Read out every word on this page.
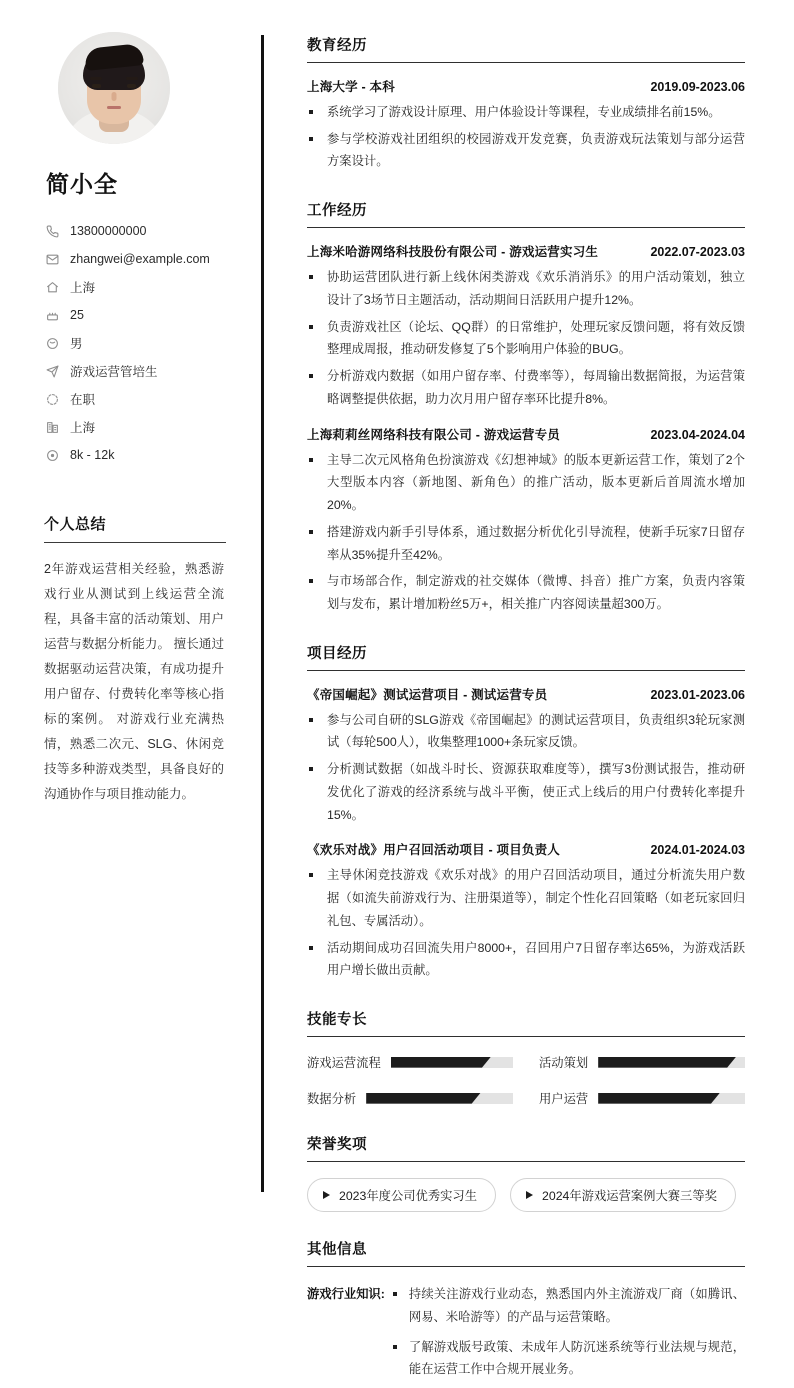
简小全
13800000000
zhangwei@example.com
上海
25
男
游戏运营管培生
在职
上海
8k - 12k
个人总结
2年游戏运营相关经验，熟悉游戏行业从测试到上线运营全流程，具备丰富的活动策划、用户运营与数据分析能力。 擅长通过数据驱动运营决策，有成功提升用户留存、付费转化率等核心指标的案例。 对游戏行业充满热情，熟悉二次元、SLG、休闲竞技等多种游戏类型，具备良好的沟通协作与项目推动能力。
教育经历
上海大学 - 本科	2019.09-2023.06
系统学习了游戏设计原理、用户体验设计等课程，专业成绩排名前15%。
参与学校游戏社团组织的校园游戏开发竞赛，负责游戏玩法策划与部分运营方案设计。
工作经历
上海米哈游网络科技股份有限公司 - 游戏运营实习生	2022.07-2023.03
协助运营团队进行新上线休闲类游戏《欢乐消消乐》的用户活动策划，独立设计了3场节日主题活动，活动期间日活跃用户提升12%。
负责游戏社区（论坛、QQ群）的日常维护，处理玩家反馈问题，将有效反馈整理成周报，推动研发修复了5个影响用户体验的BUG。
分析游戏内数据（如用户留存率、付费率等），每周输出数据简报，为运营策略调整提供依据，助力次月用户留存率环比提升8%。
上海莉莉丝网络科技有限公司 - 游戏运营专员	2023.04-2024.04
主导二次元风格角色扮演游戏《幻想神域》的版本更新运营工作，策划了2个大型版本内容（新地图、新角色）的推广活动，版本更新后首周流水增加20%。
搭建游戏内新手引导体系，通过数据分析优化引导流程，使新手玩家7日留存率从35%提升至42%。
与市场部合作，制定游戏的社交媒体（微博、抖音）推广方案，负责内容策划与发布，累计增加粉丝5万+，相关推广内容阅读量超300万。
项目经历
《帝国崛起》测试运营项目 - 测试运营专员	2023.01-2023.06
参与公司自研的SLG游戏《帝国崛起》的测试运营项目，负责组织3轮玩家测试（每轮500人），收集整理1000+条玩家反馈。
分析测试数据（如战斗时长、资源获取难度等），撰写3份测试报告，推动研发优化了游戏的经济系统与战斗平衡，使正式上线后的用户付费转化率提升15%。
《欢乐对战》用户召回活动项目 - 项目负责人	2024.01-2024.03
主导休闲竞技游戏《欢乐对战》的用户召回活动项目，通过分析流失用户数据（如流失前游戏行为、注册渠道等），制定个性化召回策略（如老玩家回归礼包、专属活动）。
活动期间成功召回流失用户8000+，召回用户7日留存率达65%，为游戏活跃用户增长做出贡献。
技能专长
游戏运营流程	活动策划
数据分析	用户运营
荣誉奖项
2023年度公司优秀实习生	2024年游戏运营案例大赛三等奖
其他信息
游戏行业知识:	持续关注游戏行业动态，熟悉国内外主流游戏厂商（如腾讯、网易、米哈游等）的产品与运营策略。
了解游戏版号政策、未成年人防沉迷系统等行业法规与规范，能在运营工作中合规开展业务。
